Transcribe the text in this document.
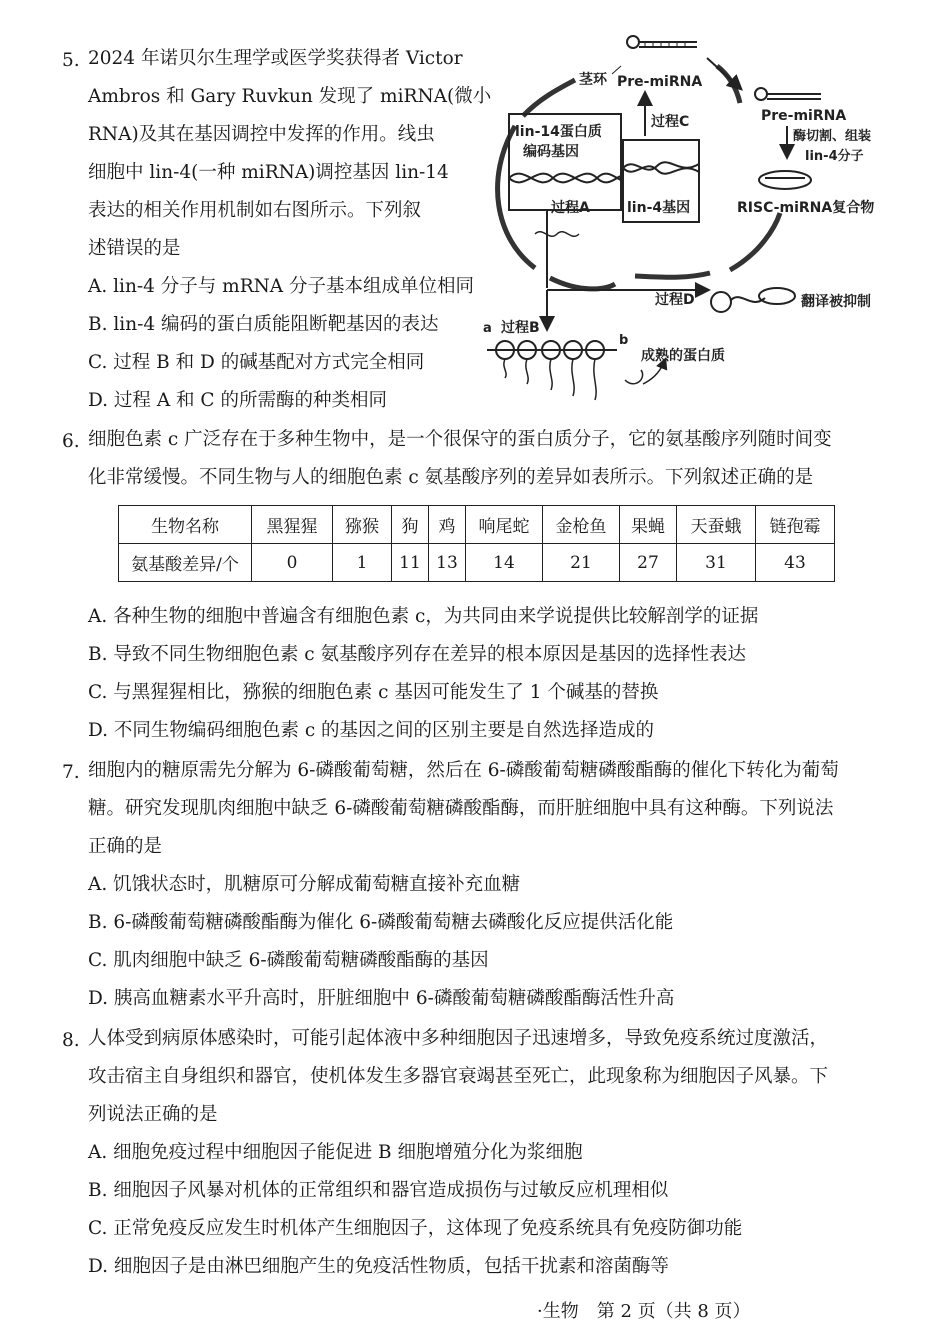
5. 2024 年诺贝尔生理学或医学奖获得者 Victor
Ambros 和 Gary Ruvkun 发现了 miRNA(微小
RNA)及其在基因调控中发挥的作用。线虫
细胞中 lin-4(一种 miRNA)调控基因 lin-14
表达的相关作用机制如右图所示。下列叙
述错误的是
A. lin-4 分子与 mRNA 分子基本组成单位相同
B. lin-4 编码的蛋白质能阻断靶基因的表达
C. 过程 B 和 D 的碱基配对方式完全相同
D. 过程 A 和 C 的所需酶的种类相同
茎环 Pre-miRNA
Pre-miRNA
酶切割、组装
lin-4分子
RISC-miRNA复合物
过程C
lin-14蛋白质
编码基因
lin-4基因
过程A
过程D	翻译被抑制
a 过程B
b
成熟的蛋白质
6. 细胞色素 c 广泛存在于多种生物中，是一个很保守的蛋白质分子，它的氨基酸序列随时间变
化非常缓慢。不同生物与人的细胞色素 c 氨基酸序列的差异如表所示。下列叙述正确的是
生物名称	黑猩猩	猕猴	狗	鸡	响尾蛇	金枪鱼	果蝇	天蚕蛾	链孢霉
氨基酸差异/个	0	1	11	13	14	21	27	31	43
A. 各种生物的细胞中普遍含有细胞色素 c，为共同由来学说提供比较解剖学的证据
B. 导致不同生物细胞色素 c 氨基酸序列存在差异的根本原因是基因的选择性表达
C. 与黑猩猩相比，猕猴的细胞色素 c 基因可能发生了 1 个碱基的替换
D. 不同生物编码细胞色素 c 的基因之间的区别主要是自然选择造成的
7. 细胞内的糖原需先分解为 6-磷酸葡萄糖，然后在 6-磷酸葡萄糖磷酸酯酶的催化下转化为葡萄
糖。研究发现肌肉细胞中缺乏 6-磷酸葡萄糖磷酸酯酶，而肝脏细胞中具有这种酶。下列说法
正确的是
A. 饥饿状态时，肌糖原可分解成葡萄糖直接补充血糖
B. 6-磷酸葡萄糖磷酸酯酶为催化 6-磷酸葡萄糖去磷酸化反应提供活化能
C. 肌肉细胞中缺乏 6-磷酸葡萄糖磷酸酯酶的基因
D. 胰高血糖素水平升高时，肝脏细胞中 6-磷酸葡萄糖磷酸酯酶活性升高
8. 人体受到病原体感染时，可能引起体液中多种细胞因子迅速增多，导致免疫系统过度激活，
攻击宿主自身组织和器官，使机体发生多器官衰竭甚至死亡，此现象称为细胞因子风暴。下
列说法正确的是
A. 细胞免疫过程中细胞因子能促进 B 细胞增殖分化为浆细胞
B. 细胞因子风暴对机体的正常组织和器官造成损伤与过敏反应机理相似
C. 正常免疫反应发生时机体产生细胞因子，这体现了免疫系统具有免疫防御功能
D. 细胞因子是由淋巴细胞产生的免疫活性物质，包括干扰素和溶菌酶等
·生物　第 2 页（共 8 页）
